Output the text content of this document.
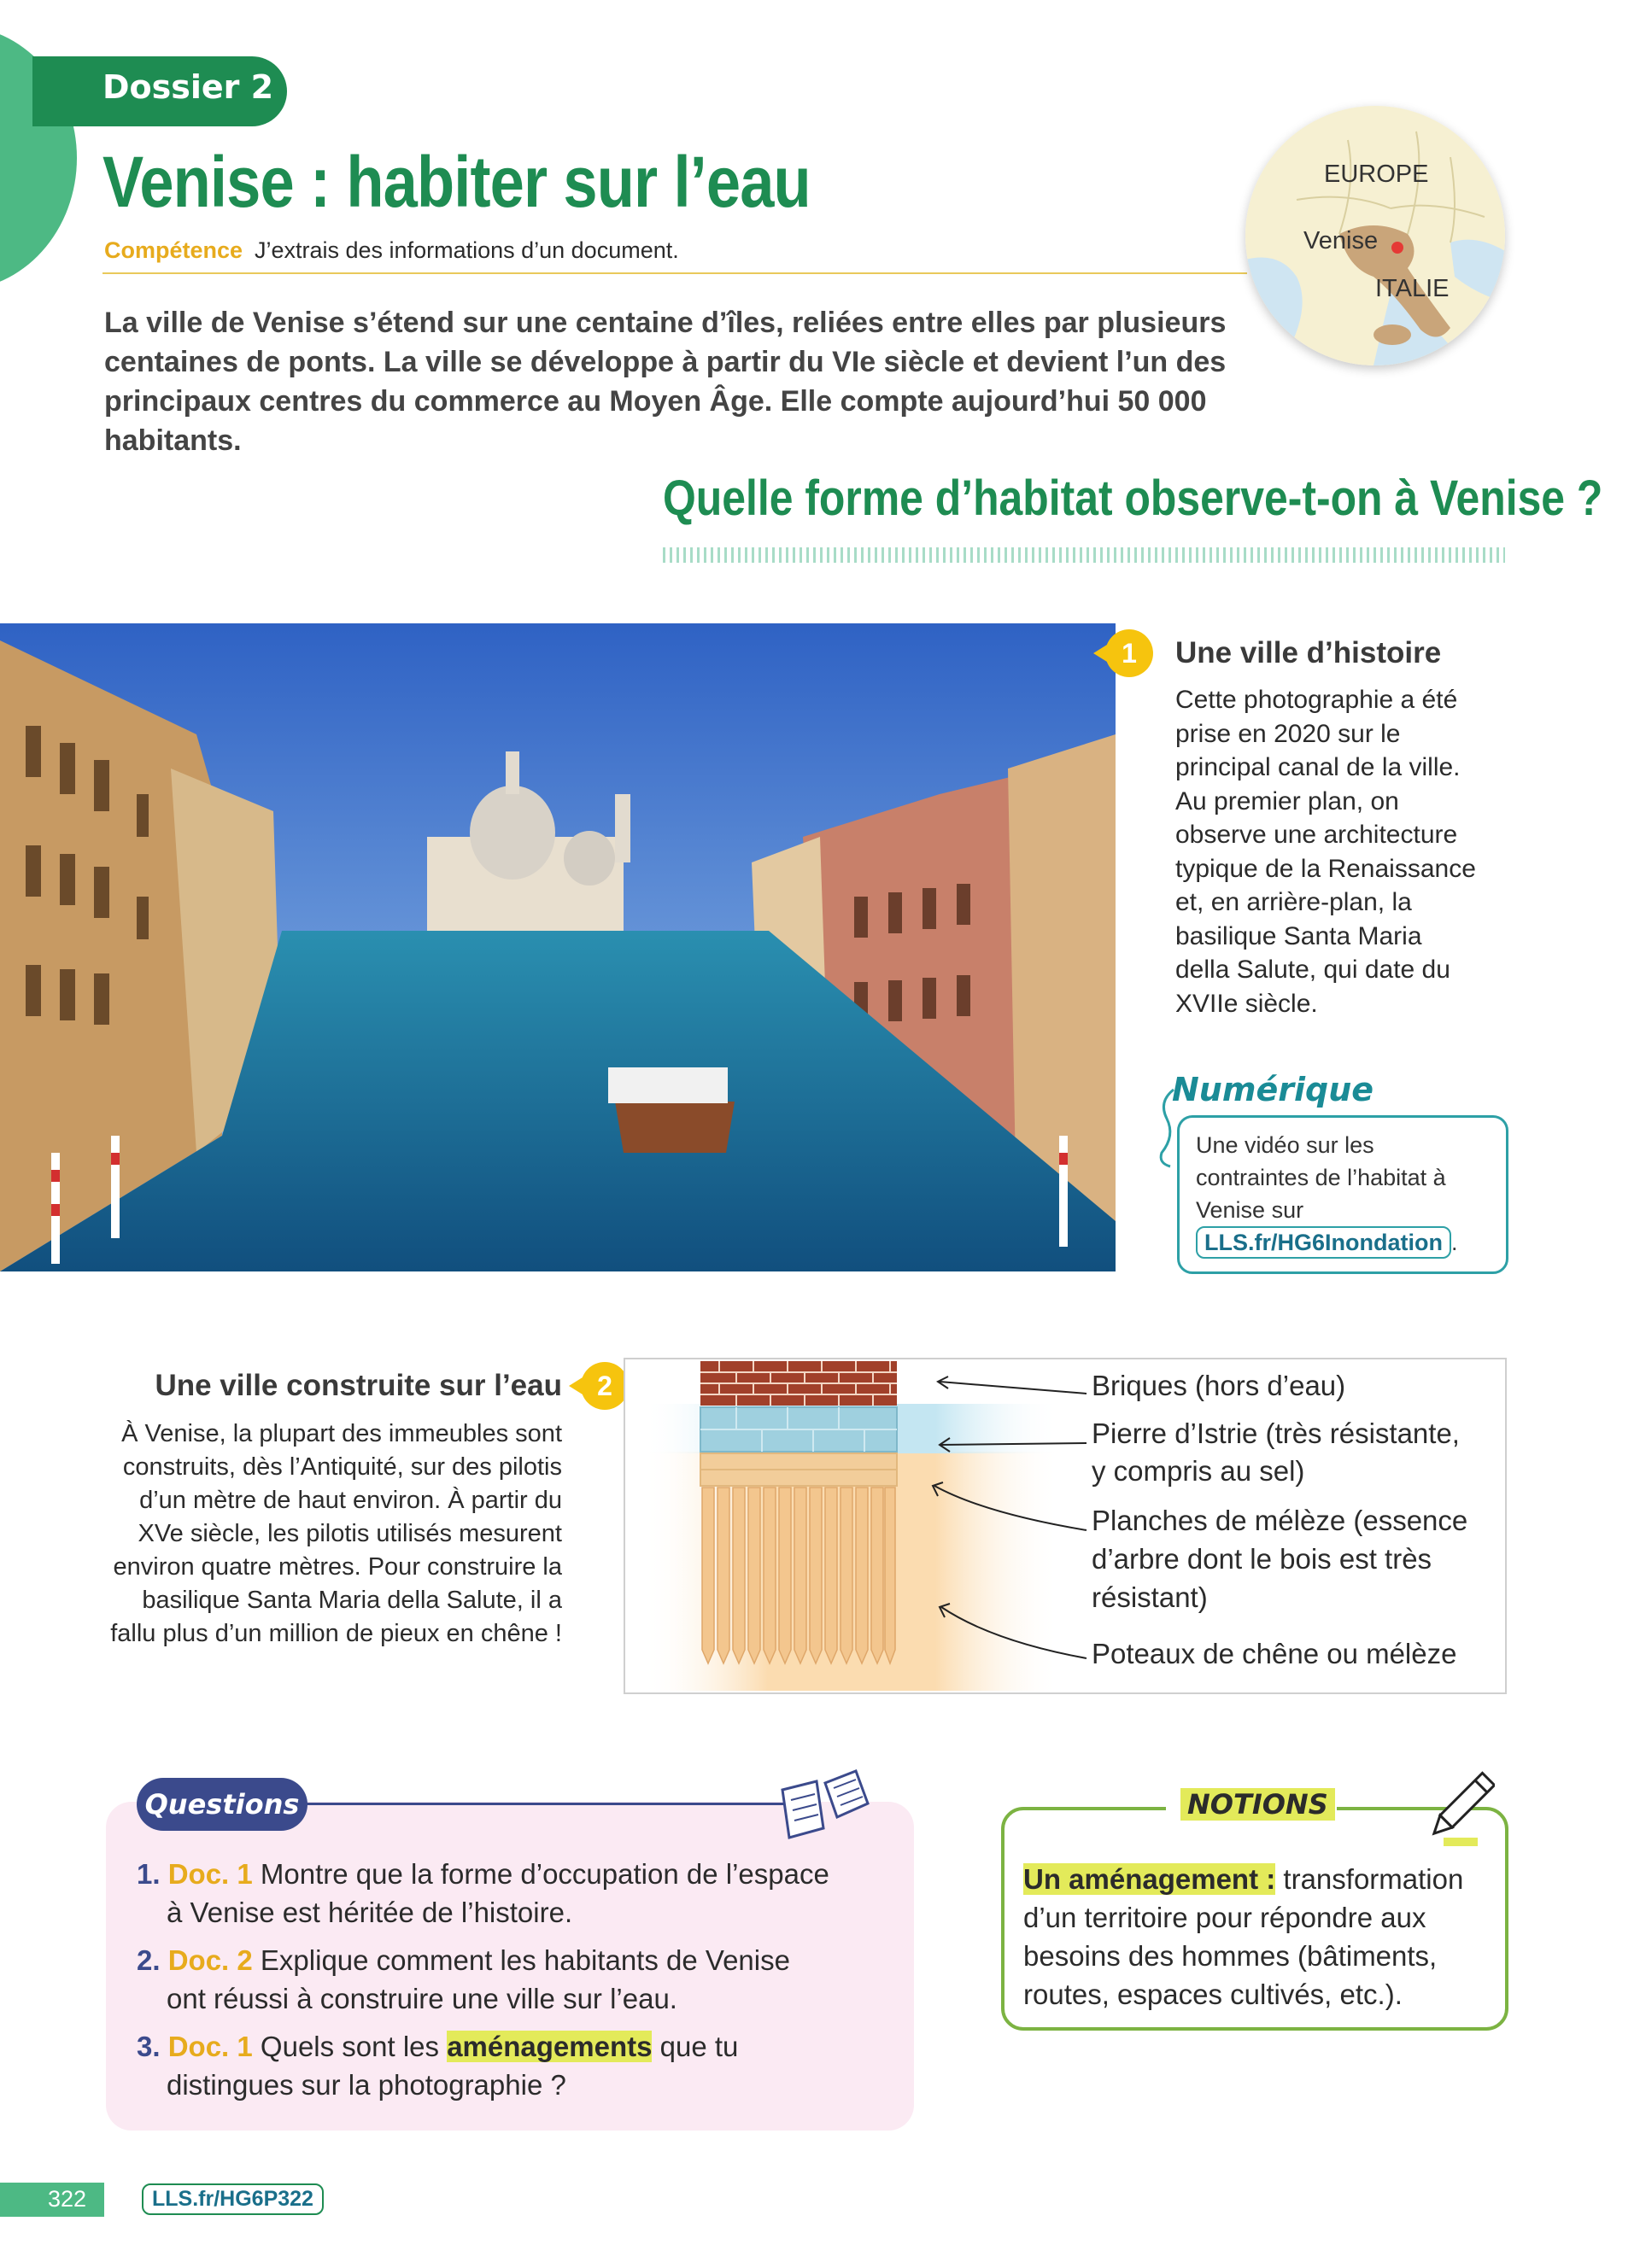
Dossier 2
Venise : habiter sur l’eau
Compétence J’extrais des informations d’un document.
La ville de Venise s’étend sur une centaine d’îles, reliées entre elles par plusieurs centaines de ponts. La ville se développe à partir du VIe siècle et devient l’un des principaux centres du commerce au Moyen Âge. Elle compte aujourd’hui 50 000 habitants.
EUROPE
Venise
ITALIE
Quelle forme d’habitat observe-t-on à Venise ?
1	Une ville d’histoire
Cette photographie a été prise en 2020 sur le principal canal de la ville. Au premier plan, on observe une architecture typique de la Renaissance et, en arrière-plan, la basilique Santa Maria della Salute, qui date du XVIIe siècle.
Numérique
Une vidéo sur les contraintes de l’habitat à Venise sur LLS.fr/HG6Inondation .
Une ville construite sur l’eau	2
À Venise, la plupart des immeubles sont construits, dès l’Antiquité, sur des pilotis d’un mètre de haut environ. À partir du XVe siècle, les pilotis utilisés mesurent environ quatre mètres. Pour construire la basilique Santa Maria della Salute, il a fallu plus d’un million de pieux en chêne !
Briques (hors d’eau)
Pierre d’Istrie (très résistante,
y compris au sel)
Planches de mélèze (essence
d’arbre dont le bois est très
résistant)
Poteaux de chêne ou mélèze
Questions
1. Doc. 1 Montre que la forme d’occupation de l’espace
à Venise est héritée de l’histoire.
2. Doc. 2 Explique comment les habitants de Venise
ont réussi à construire une ville sur l’eau.
3. Doc. 1 Quels sont les aménagements que tu
distingues sur la photographie ?
NOTIONS
Un aménagement : transformation d’un territoire pour répondre aux besoins des hommes (bâtiments, routes, espaces cultivés, etc.).
322	LLS.fr/HG6P322
